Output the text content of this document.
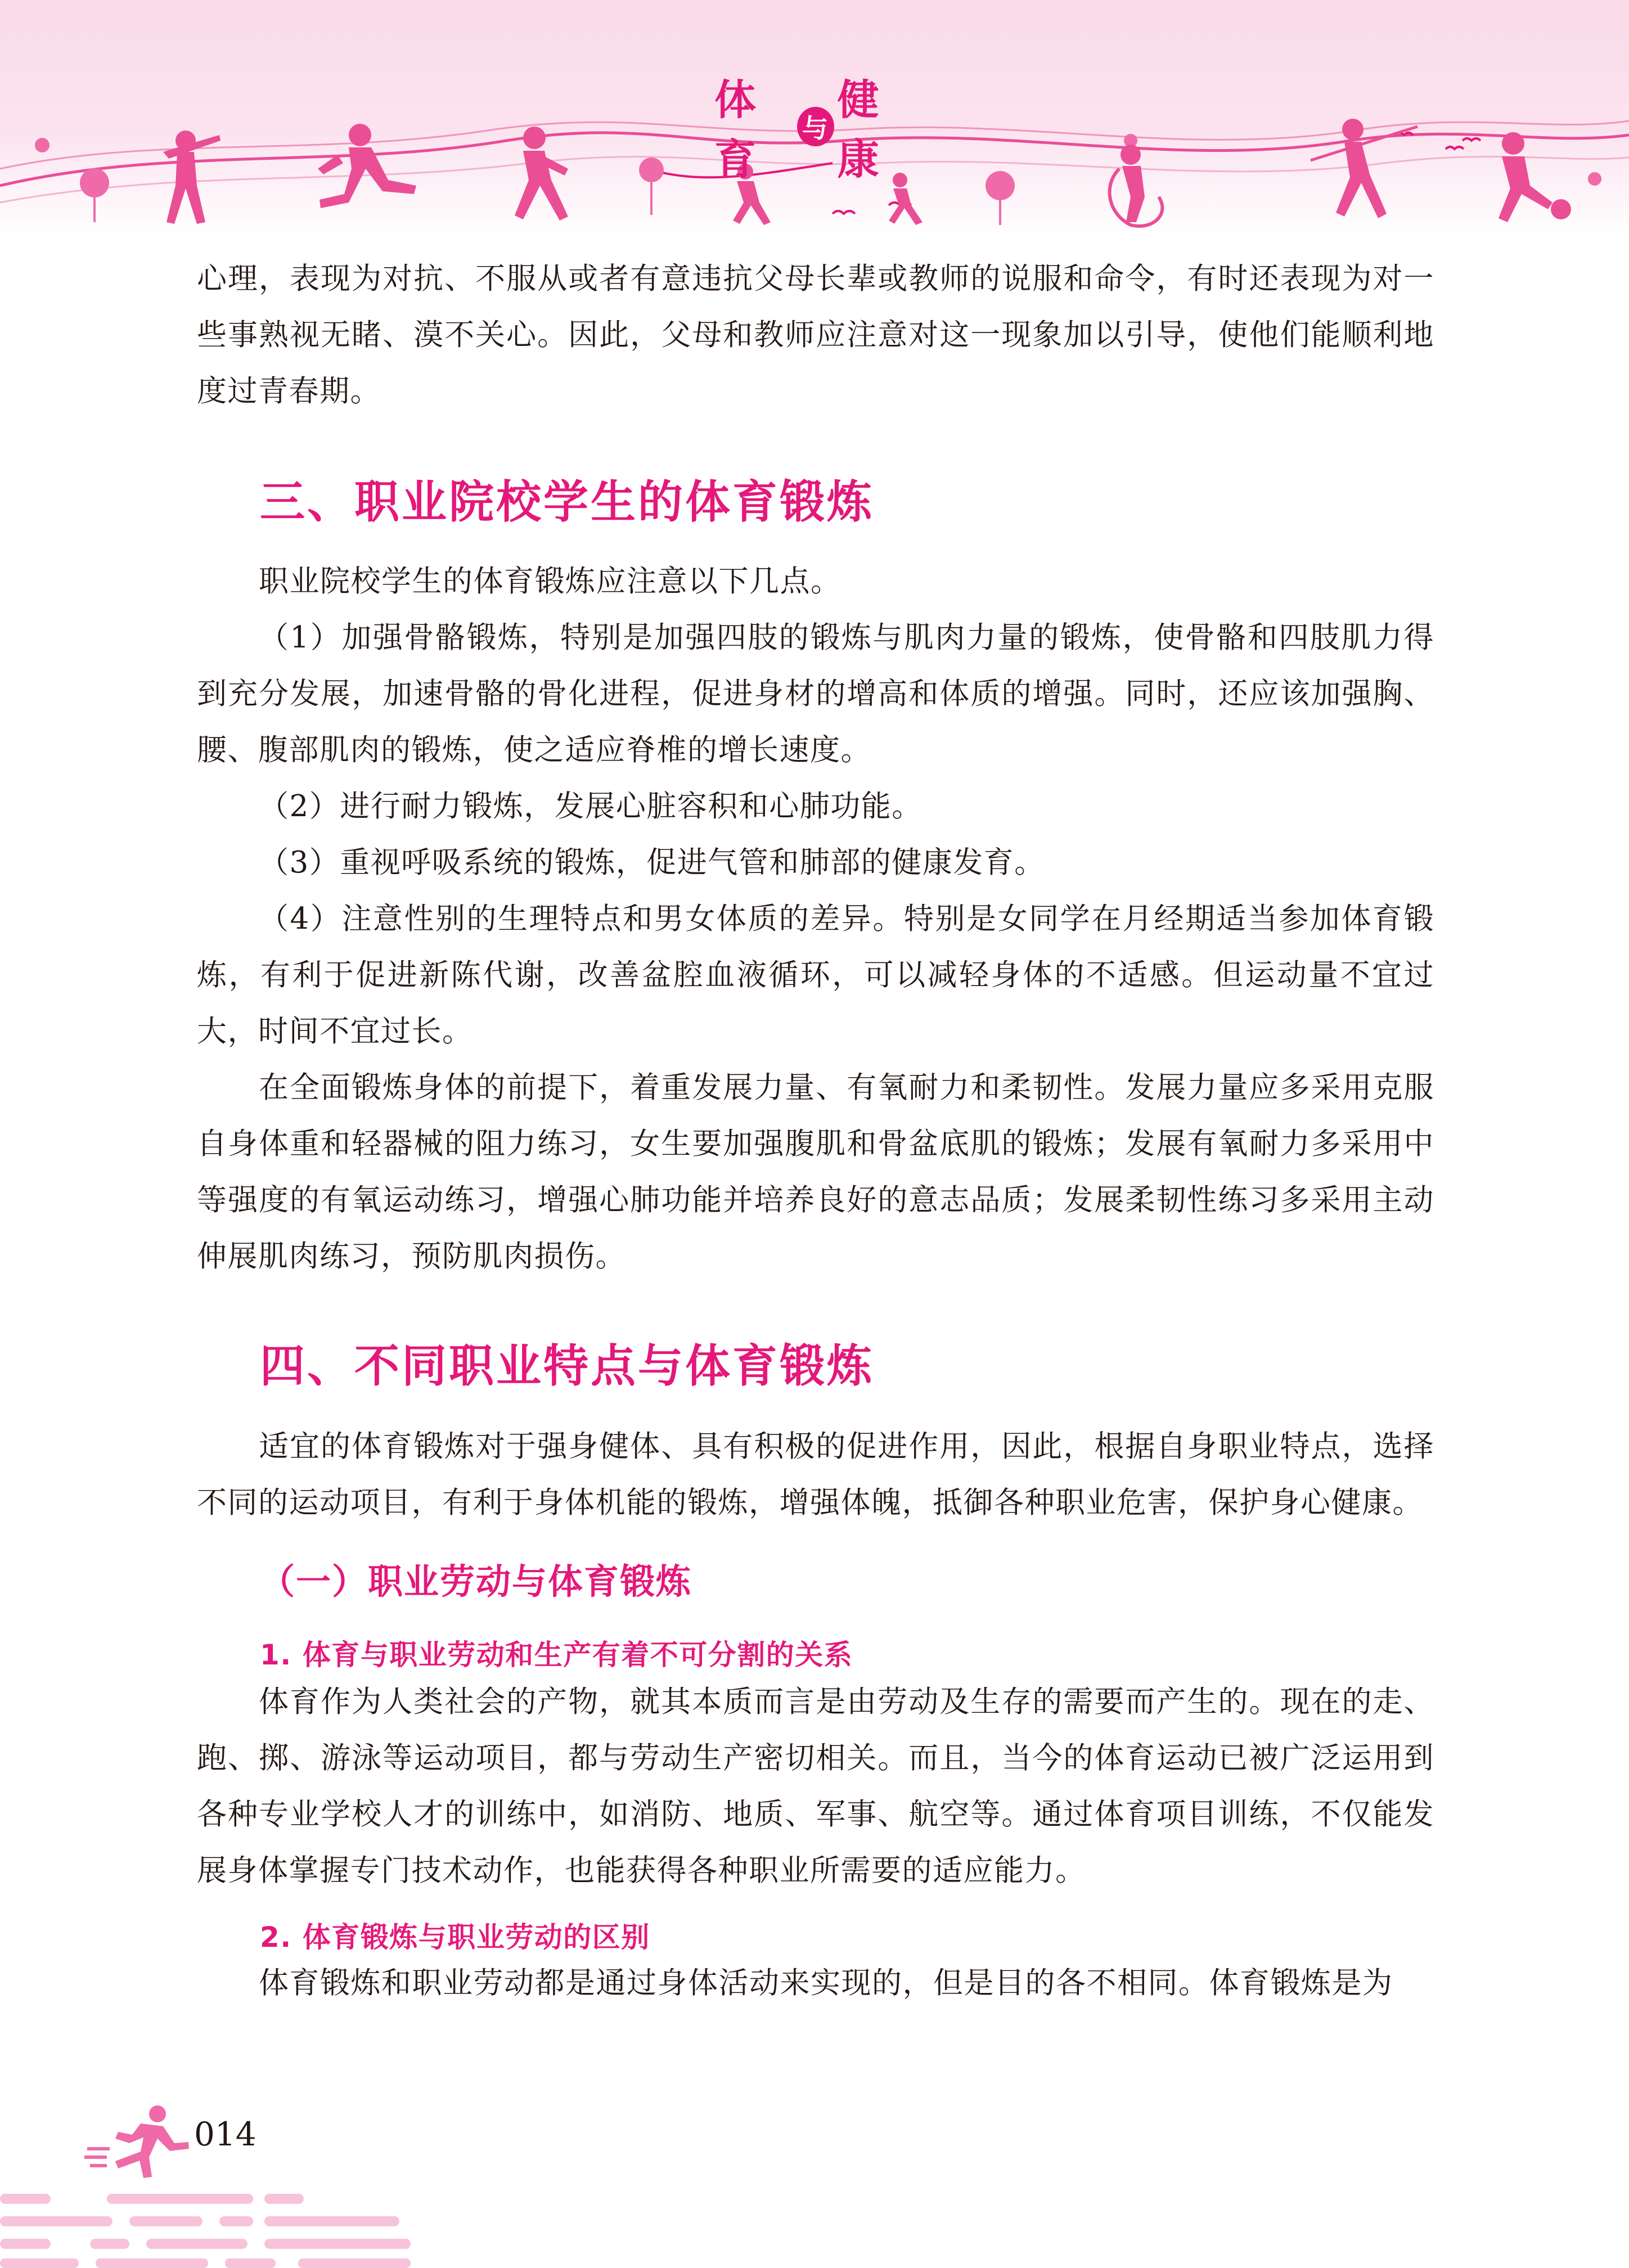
体育
与
健康

心理，表现为对抗、不服从或者有意违抗父母长辈或教师的说服和命令，有时还表现为对一些事熟视无睹、漠不关心。因此，父母和教师应注意对这一现象加以引导，使他们能顺利地度过青春期。

三、职业院校学生的体育锻炼

职业院校学生的体育锻炼应注意以下几点。

（1）加强骨骼锻炼，特别是加强四肢的锻炼与肌肉力量的锻炼，使骨骼和四肢肌力得到充分发展，加速骨骼的骨化进程，促进身材的增高和体质的增强。同时，还应该加强胸、腰、腹部肌肉的锻炼，使之适应脊椎的增长速度。

（2）进行耐力锻炼，发展心脏容积和心肺功能。

（3）重视呼吸系统的锻炼，促进气管和肺部的健康发育。

（4）注意性别的生理特点和男女体质的差异。特别是女同学在月经期适当参加体育锻炼，有利于促进新陈代谢，改善盆腔血液循环，可以减轻身体的不适感。但运动量不宜过大，时间不宜过长。

在全面锻炼身体的前提下，着重发展力量、有氧耐力和柔韧性。发展力量应多采用克服自身体重和轻器械的阻力练习，女生要加强腹肌和骨盆底肌的锻炼；发展有氧耐力多采用中等强度的有氧运动练习，增强心肺功能并培养良好的意志品质；发展柔韧性练习多采用主动伸展肌肉练习，预防肌肉损伤。

四、不同职业特点与体育锻炼

适宜的体育锻炼对于强身健体、具有积极的促进作用，因此，根据自身职业特点，选择不同的运动项目，有利于身体机能的锻炼，增强体魄，抵御各种职业危害，保护身心健康。

（一）职业劳动与体育锻炼
1. 体育与职业劳动和生产有着不可分割的关系

体育作为人类社会的产物，就其本质而言是由劳动及生存的需要而产生的。现在的走、跑、掷、游泳等运动项目，都与劳动生产密切相关。而且，当今的体育运动已被广泛运用到各种专业学校人才的训练中，如消防、地质、军事、航空等。通过体育项目训练，不仅能发展身体掌握专门技术动作，也能获得各种职业所需要的适应能力。

2. 体育锻炼与职业劳动的区别

体育锻炼和职业劳动都是通过身体活动来实现的，但是目的各不相同。体育锻炼是为

014
